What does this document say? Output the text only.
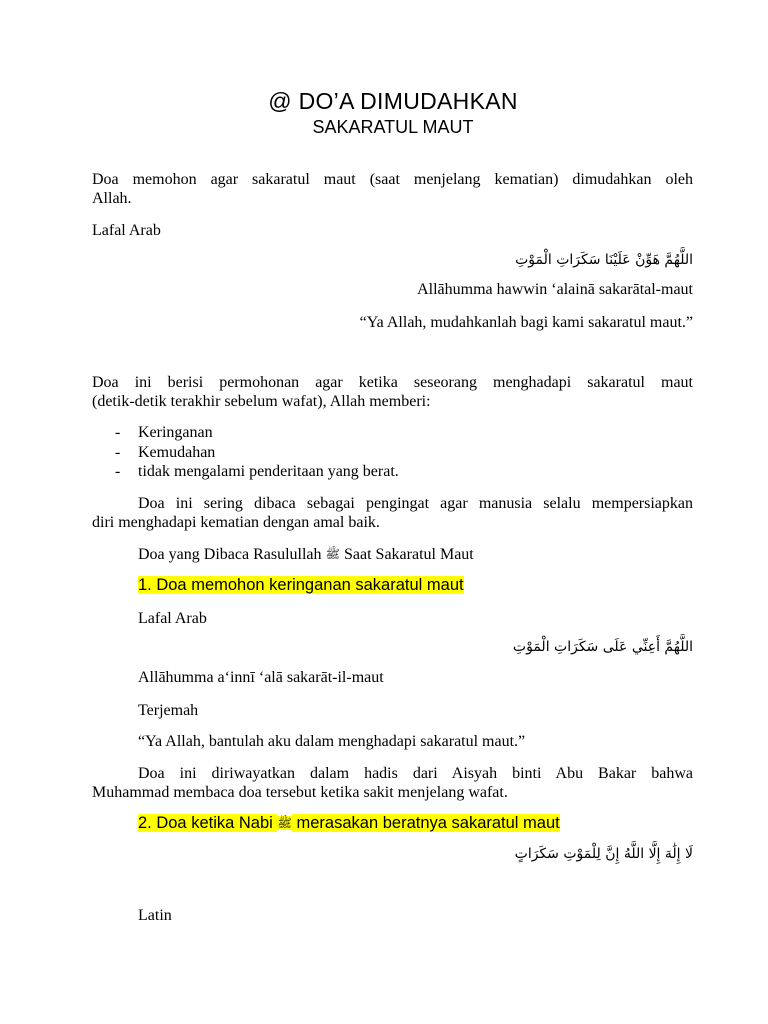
@ DO’A DIMUDAHKAN
SAKARATUL MAUT
Doa memohon agar sakaratul maut (saat menjelang kematian) dimudahkan oleh
Allah.
Lafal Arab
اللَّهُمَّ هَوِّنْ عَلَيْنَا سَكَرَاتِ الْمَوْتِ
Allāhumma hawwin ‘alainā sakarātal-maut
“Ya Allah, mudahkanlah bagi kami sakaratul maut.”
Doa ini berisi permohonan agar ketika seseorang menghadapi sakaratul maut
(detik-detik terakhir sebelum wafat), Allah memberi:
- Keringanan
- Kemudahan
- tidak mengalami penderitaan yang berat.
Doa ini sering dibaca sebagai pengingat agar manusia selalu mempersiapkan
diri menghadapi kematian dengan amal baik.
Doa yang Dibaca Rasulullah ﷺ Saat Sakaratul Maut
1. Doa memohon keringanan sakaratul maut
Lafal Arab
اللَّهُمَّ أَعِنِّي عَلَى سَكَرَاتِ الْمَوْتِ
Allāhumma a‘innī ‘alā sakarāt-il-maut
Terjemah
“Ya Allah, bantulah aku dalam menghadapi sakaratul maut.”
Doa ini diriwayatkan dalam hadis dari Aisyah binti Abu Bakar bahwa
Muhammad membaca doa tersebut ketika sakit menjelang wafat.
2. Doa ketika Nabi ﷺ merasakan beratnya sakaratul maut
لَا إِلَٰهَ إِلَّا اللَّهُ إِنَّ لِلْمَوْتِ سَكَرَاتٍ
Latin
